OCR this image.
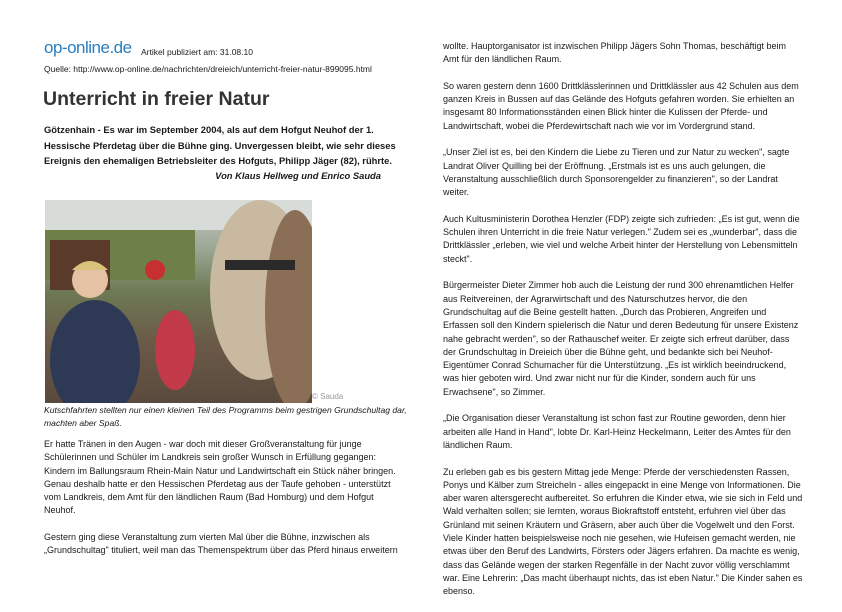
op-online.de Artikel publiziert am: 31.08.10
Quelle: http://www.op-online.de/nachrichten/dreieich/unterricht-freier-natur-899095.html
Unterricht in freier Natur
Götzenhain - Es war im September 2004, als auf dem Hofgut Neuhof der 1.
Hessische Pferdetag über die Bühne ging. Unvergessen bleibt, wie sehr dieses
Ereignis den ehemaligen Betriebsleiter des Hofguts, Philipp Jäger (82), rührte.
Von Klaus Hellweg und Enrico Sauda
© Sauda
Kutschfahrten stellten nur einen kleinen Teil des Programms beim gestrigen Grundschultag dar,
machten aber Spaß.
Er hatte Tränen in den Augen - war doch mit dieser Großveranstaltung für junge
Schülerinnen und Schüler im Landkreis sein großer Wunsch in Erfüllung gegangen:
Kindern im Ballungsraum Rhein-Main Natur und Landwirtschaft ein Stück näher bringen.
Genau deshalb hatte er den Hessischen Pferdetag aus der Taufe gehoben - unterstützt
vom Landkreis, dem Amt für den ländlichen Raum (Bad Homburg) und dem Hofgut
Neuhof.
Gestern ging diese Veranstaltung zum vierten Mal über die Bühne, inzwischen als
„Grundschultag" tituliert, weil man das Themenspektrum über das Pferd hinaus erweitern
wollte. Hauptorganisator ist inzwischen Philipp Jägers Sohn Thomas, beschäftigt beim
Amt für den ländlichen Raum.
So waren gestern denn 1600 Drittklässlerinnen und Drittklässler aus 42 Schulen aus dem
ganzen Kreis in Bussen auf das Gelände des Hofguts gefahren worden. Sie erhielten an
insgesamt 80 Informationsständen einen Blick hinter die Kulissen der Pferde- und
Landwirtschaft, wobei die Pferdewirtschaft nach wie vor im Vordergrund stand.
„Unser Ziel ist es, bei den Kindern die Liebe zu Tieren und zur Natur zu wecken", sagte
Landrat Oliver Quilling bei der Eröffnung. „Erstmals ist es uns auch gelungen, die
Veranstaltung ausschließlich durch Sponsorengelder zu finanzieren", so der Landrat
weiter.
Auch Kultusministerin Dorothea Henzler (FDP) zeigte sich zufrieden: „Es ist gut, wenn die
Schulen ihren Unterricht in die freie Natur verlegen." Zudem sei es „wunderbar", dass die
Drittklässler „erleben, wie viel und welche Arbeit hinter der Herstellung von Lebensmitteln
steckt".
Bürgermeister Dieter Zimmer hob auch die Leistung der rund 300 ehrenamtlichen Helfer
aus Reitvereinen, der Agrarwirtschaft und des Naturschutzes hervor, die den
Grundschultag auf die Beine gestellt hatten. „Durch das Probieren, Angreifen und
Erfassen soll den Kindern spielerisch die Natur und deren Bedeutung für unsere Existenz
nahe gebracht werden", so der Rathauschef weiter. Er zeigte sich erfreut darüber, dass
der Grundschultag in Dreieich über die Bühne geht, und bedankte sich bei Neuhof-
Eigentümer Conrad Schumacher für die Unterstützung. „Es ist wirklich beeindruckend,
was hier geboten wird. Und zwar nicht nur für die Kinder, sondern auch für uns
Erwachsene", so Zimmer.
„Die Organisation dieser Veranstaltung ist schon fast zur Routine geworden, denn hier
arbeiten alle Hand in Hand", lobte Dr. Karl-Heinz Heckelmann, Leiter des Amtes für den
ländlichen Raum.
Zu erleben gab es bis gestern Mittag jede Menge: Pferde der verschiedensten Rassen,
Ponys und Kälber zum Streicheln - alles eingepackt in eine Menge von Informationen. Die
aber waren altersgerecht aufbereitet. So erfuhren die Kinder etwa, wie sie sich in Feld und
Wald verhalten sollen; sie lernten, woraus Biokraftstoff entsteht, erfuhren viel über das
Grünland mit seinen Kräutern und Gräsern, aber auch über die Vogelwelt und den Forst.
Viele Kinder hatten beispielsweise noch nie gesehen, wie Hufeisen gemacht werden, nie
etwas über den Beruf des Landwirts, Försters oder Jägers erfahren. Da machte es wenig,
dass das Gelände wegen der starken Regenfälle in der Nacht zuvor völlig verschlammt
war. Eine Lehrerin: „Das macht überhaupt nichts, das ist eben Natur." Die Kinder sahen es
ebenso.
